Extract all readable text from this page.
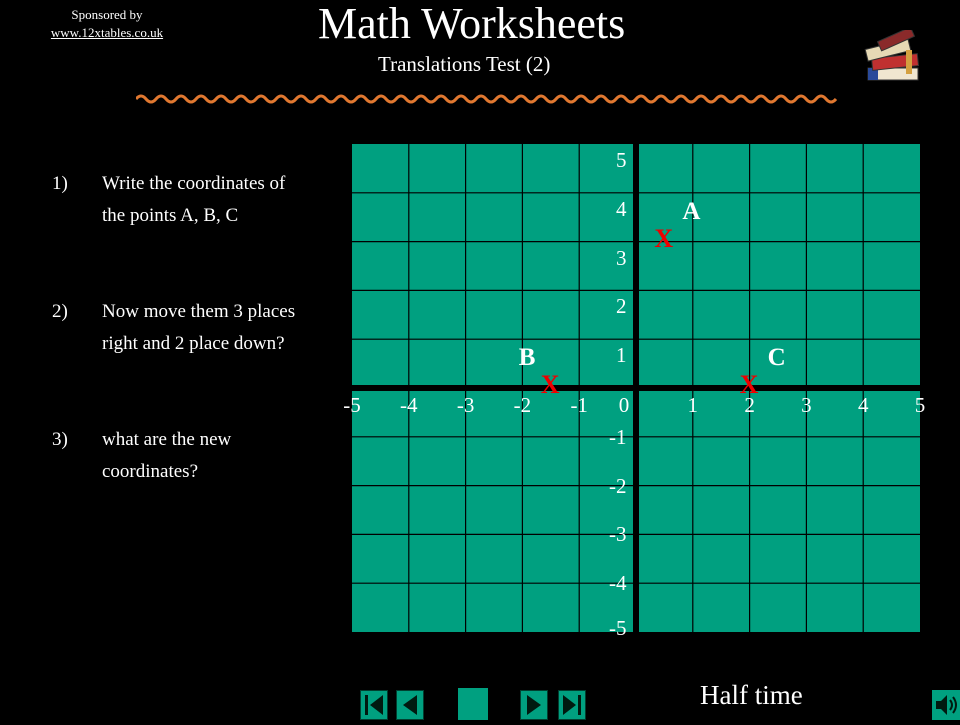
Sponsored by
www.12xtables.co.uk	Math Worksheets
Translations Test (2)
1) Write the coordinates of the points A, B, C
2) Now move them 3 places right and 2 place down?
3) what are the new coordinates?
-5 -4 -3 -2 -1 0	1 2 3 4 5
5
4
3
2
1
-1
-2
-3
-4
-5
X
A
X
B
X
C
Half time
